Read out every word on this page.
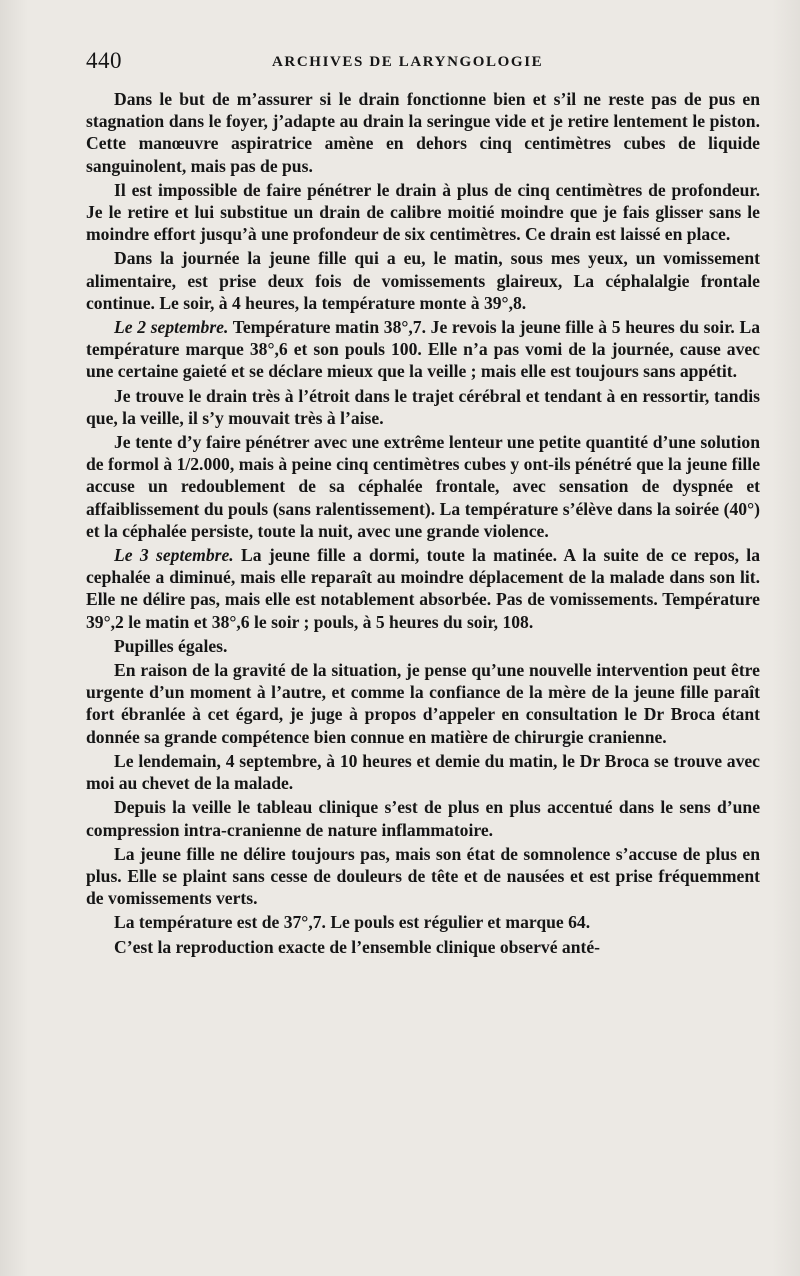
440	ARCHIVES DE LARYNGOLOGIE

Dans le but de m’assurer si le drain fonctionne bien et s’il ne reste pas de pus en stagnation dans le foyer, j’adapte au drain la seringue vide et je retire lentement le piston. Cette manœuvre aspiratrice amène en dehors cinq centimètres cubes de liquide sanguinolent, mais pas de pus.

Il est impossible de faire pénétrer le drain à plus de cinq centimètres de profondeur. Je le retire et lui substitue un drain de calibre moitié moindre que je fais glisser sans le moindre effort jusqu’à une profondeur de six centimètres. Ce drain est laissé en place.

Dans la journée la jeune fille qui a eu, le matin, sous mes yeux, un vomissement alimentaire, est prise deux fois de vomissements glaireux, La céphalalgie frontale continue. Le soir, à 4 heures, la température monte à 39°,8.

Le 2 septembre. Température matin 38°,7. Je revois la jeune fille à 5 heures du soir. La température marque 38°,6 et son pouls 100. Elle n’a pas vomi de la journée, cause avec une certaine gaieté et se déclare mieux que la veille ; mais elle est toujours sans appétit.

Je trouve le drain très à l’étroit dans le trajet cérébral et tendant à en ressortir, tandis que, la veille, il s’y mouvait très à l’aise.

Je tente d’y faire pénétrer avec une extrême lenteur une petite quantité d’une solution de formol à 1/2.000, mais à peine cinq centimètres cubes y ont-ils pénétré que la jeune fille accuse un redoublement de sa céphalée frontale, avec sensation de dyspnée et affaiblissement du pouls (sans ralentissement). La température s’élève dans la soirée (40°) et la céphalée persiste, toute la nuit, avec une grande violence.

Le 3 septembre. La jeune fille a dormi, toute la matinée. A la suite de ce repos, la cephalée a diminué, mais elle reparaît au moindre déplacement de la malade dans son lit. Elle ne délire pas, mais elle est notablement absorbée. Pas de vomissements. Température 39°,2 le matin et 38°,6 le soir ; pouls, à 5 heures du soir, 108.

Pupilles égales.

En raison de la gravité de la situation, je pense qu’une nouvelle intervention peut être urgente d’un moment à l’autre, et comme la confiance de la mère de la jeune fille paraît fort ébranlée à cet égard, je juge à propos d’appeler en consultation le Dr Broca étant donnée sa grande compétence bien connue en matière de chirurgie cranienne.

Le lendemain, 4 septembre, à 10 heures et demie du matin, le Dr Broca se trouve avec moi au chevet de la malade.

Depuis la veille le tableau clinique s’est de plus en plus accentué dans le sens d’une compression intra-cranienne de nature inflammatoire.

La jeune fille ne délire toujours pas, mais son état de somnolence s’accuse de plus en plus. Elle se plaint sans cesse de douleurs de tête et de nausées et est prise fréquemment de vomissements verts.

La température est de 37°,7. Le pouls est régulier et marque 64.

C’est la reproduction exacte de l’ensemble clinique observé anté-
